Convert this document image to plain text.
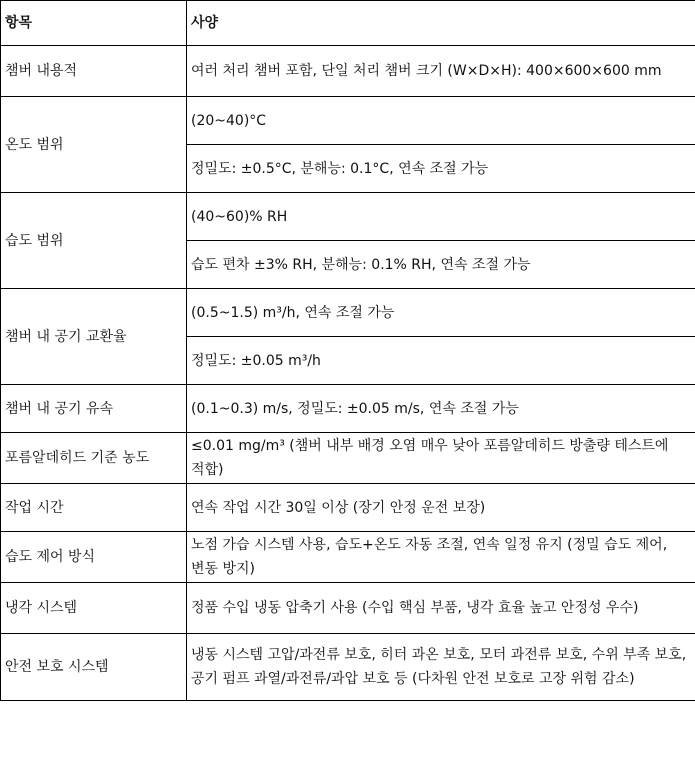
항목	사양
챔버 내용적	여러 처리 챔버 포함, 단일 처리 챔버 크기 (W×D×H): 400×600×600 mm
온도 범위	(20~40)°C
	정밀도: ±0.5°C, 분해능: 0.1°C, 연속 조절 가능
습도 범위	(40~60)% RH
	습도 편차 ±3% RH, 분해능: 0.1% RH, 연속 조절 가능
챔버 내 공기 교환율	(0.5~1.5) m³/h, 연속 조절 가능
	정밀도: ±0.05 m³/h
챔버 내 공기 유속	(0.1~0.3) m/s, 정밀도: ±0.05 m/s, 연속 조절 가능
포름알데히드 기준 농도	≤0.01 mg/m³ (챔버 내부 배경 오염 매우 낮아 포름알데히드 방출량 테스트에 적합)
작업 시간	연속 작업 시간 30일 이상 (장기 안정 운전 보장)
습도 제어 방식	노점 가습 시스템 사용, 습도+온도 자동 조절, 연속 일정 유지 (정밀 습도 제어, 변동 방지)
냉각 시스템	정품 수입 냉동 압축기 사용 (수입 핵심 부품, 냉각 효율 높고 안정성 우수)
안전 보호 시스템	냉동 시스템 고압/과전류 보호, 히터 과온 보호, 모터 과전류 보호, 수위 부족 보호, 공기 펌프 과열/과전류/과압 보호 등 (다차원 안전 보호로 고장 위험 감소)
